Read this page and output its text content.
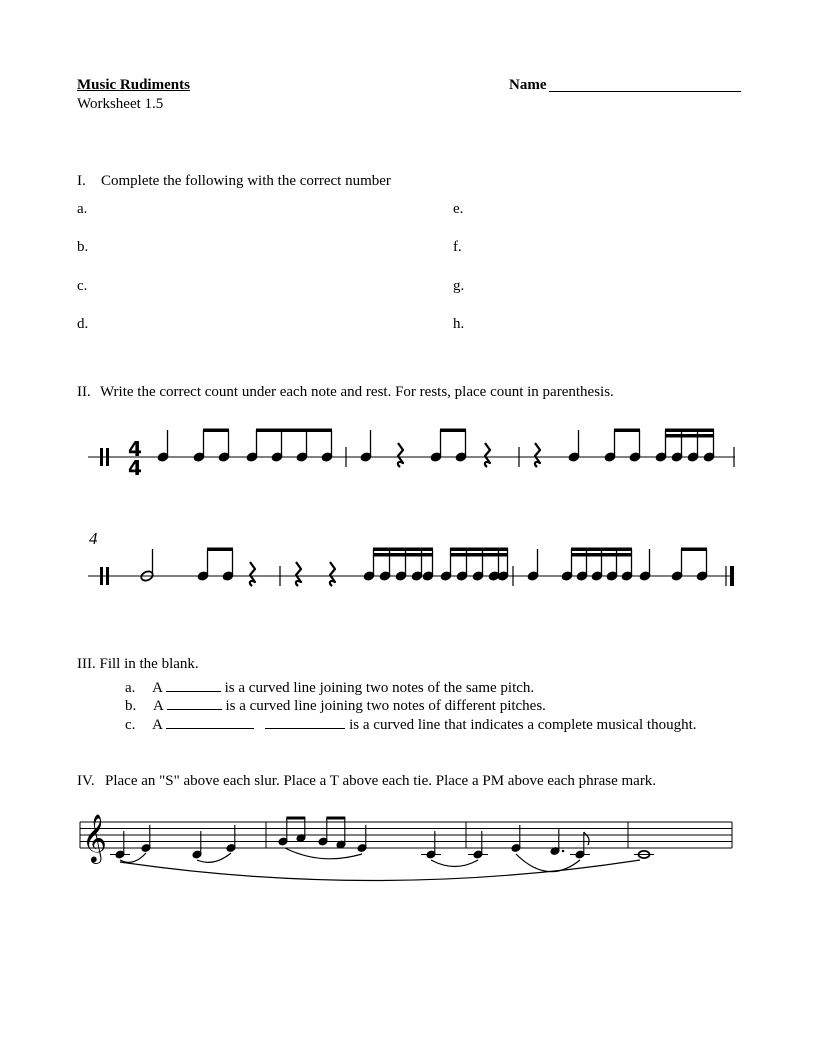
Music Rudiments
Worksheet 1.5
Name
I. Complete the following with the correct number
a.
b.
c.
d.
e.
f.
g.
h.
II. Write the correct count under each note and rest. For rests, place count in parenthesis.
4
4
4
III. Fill in the blank.
a. A	is a curved line joining two notes of the same pitch.
b. A	is a curved line joining two notes of different pitches.
c. A	is a curved line that indicates a complete musical thought.
IV. Place an "S" above each slur. Place a T above each tie. Place a PM above each phrase mark.
𝄞
